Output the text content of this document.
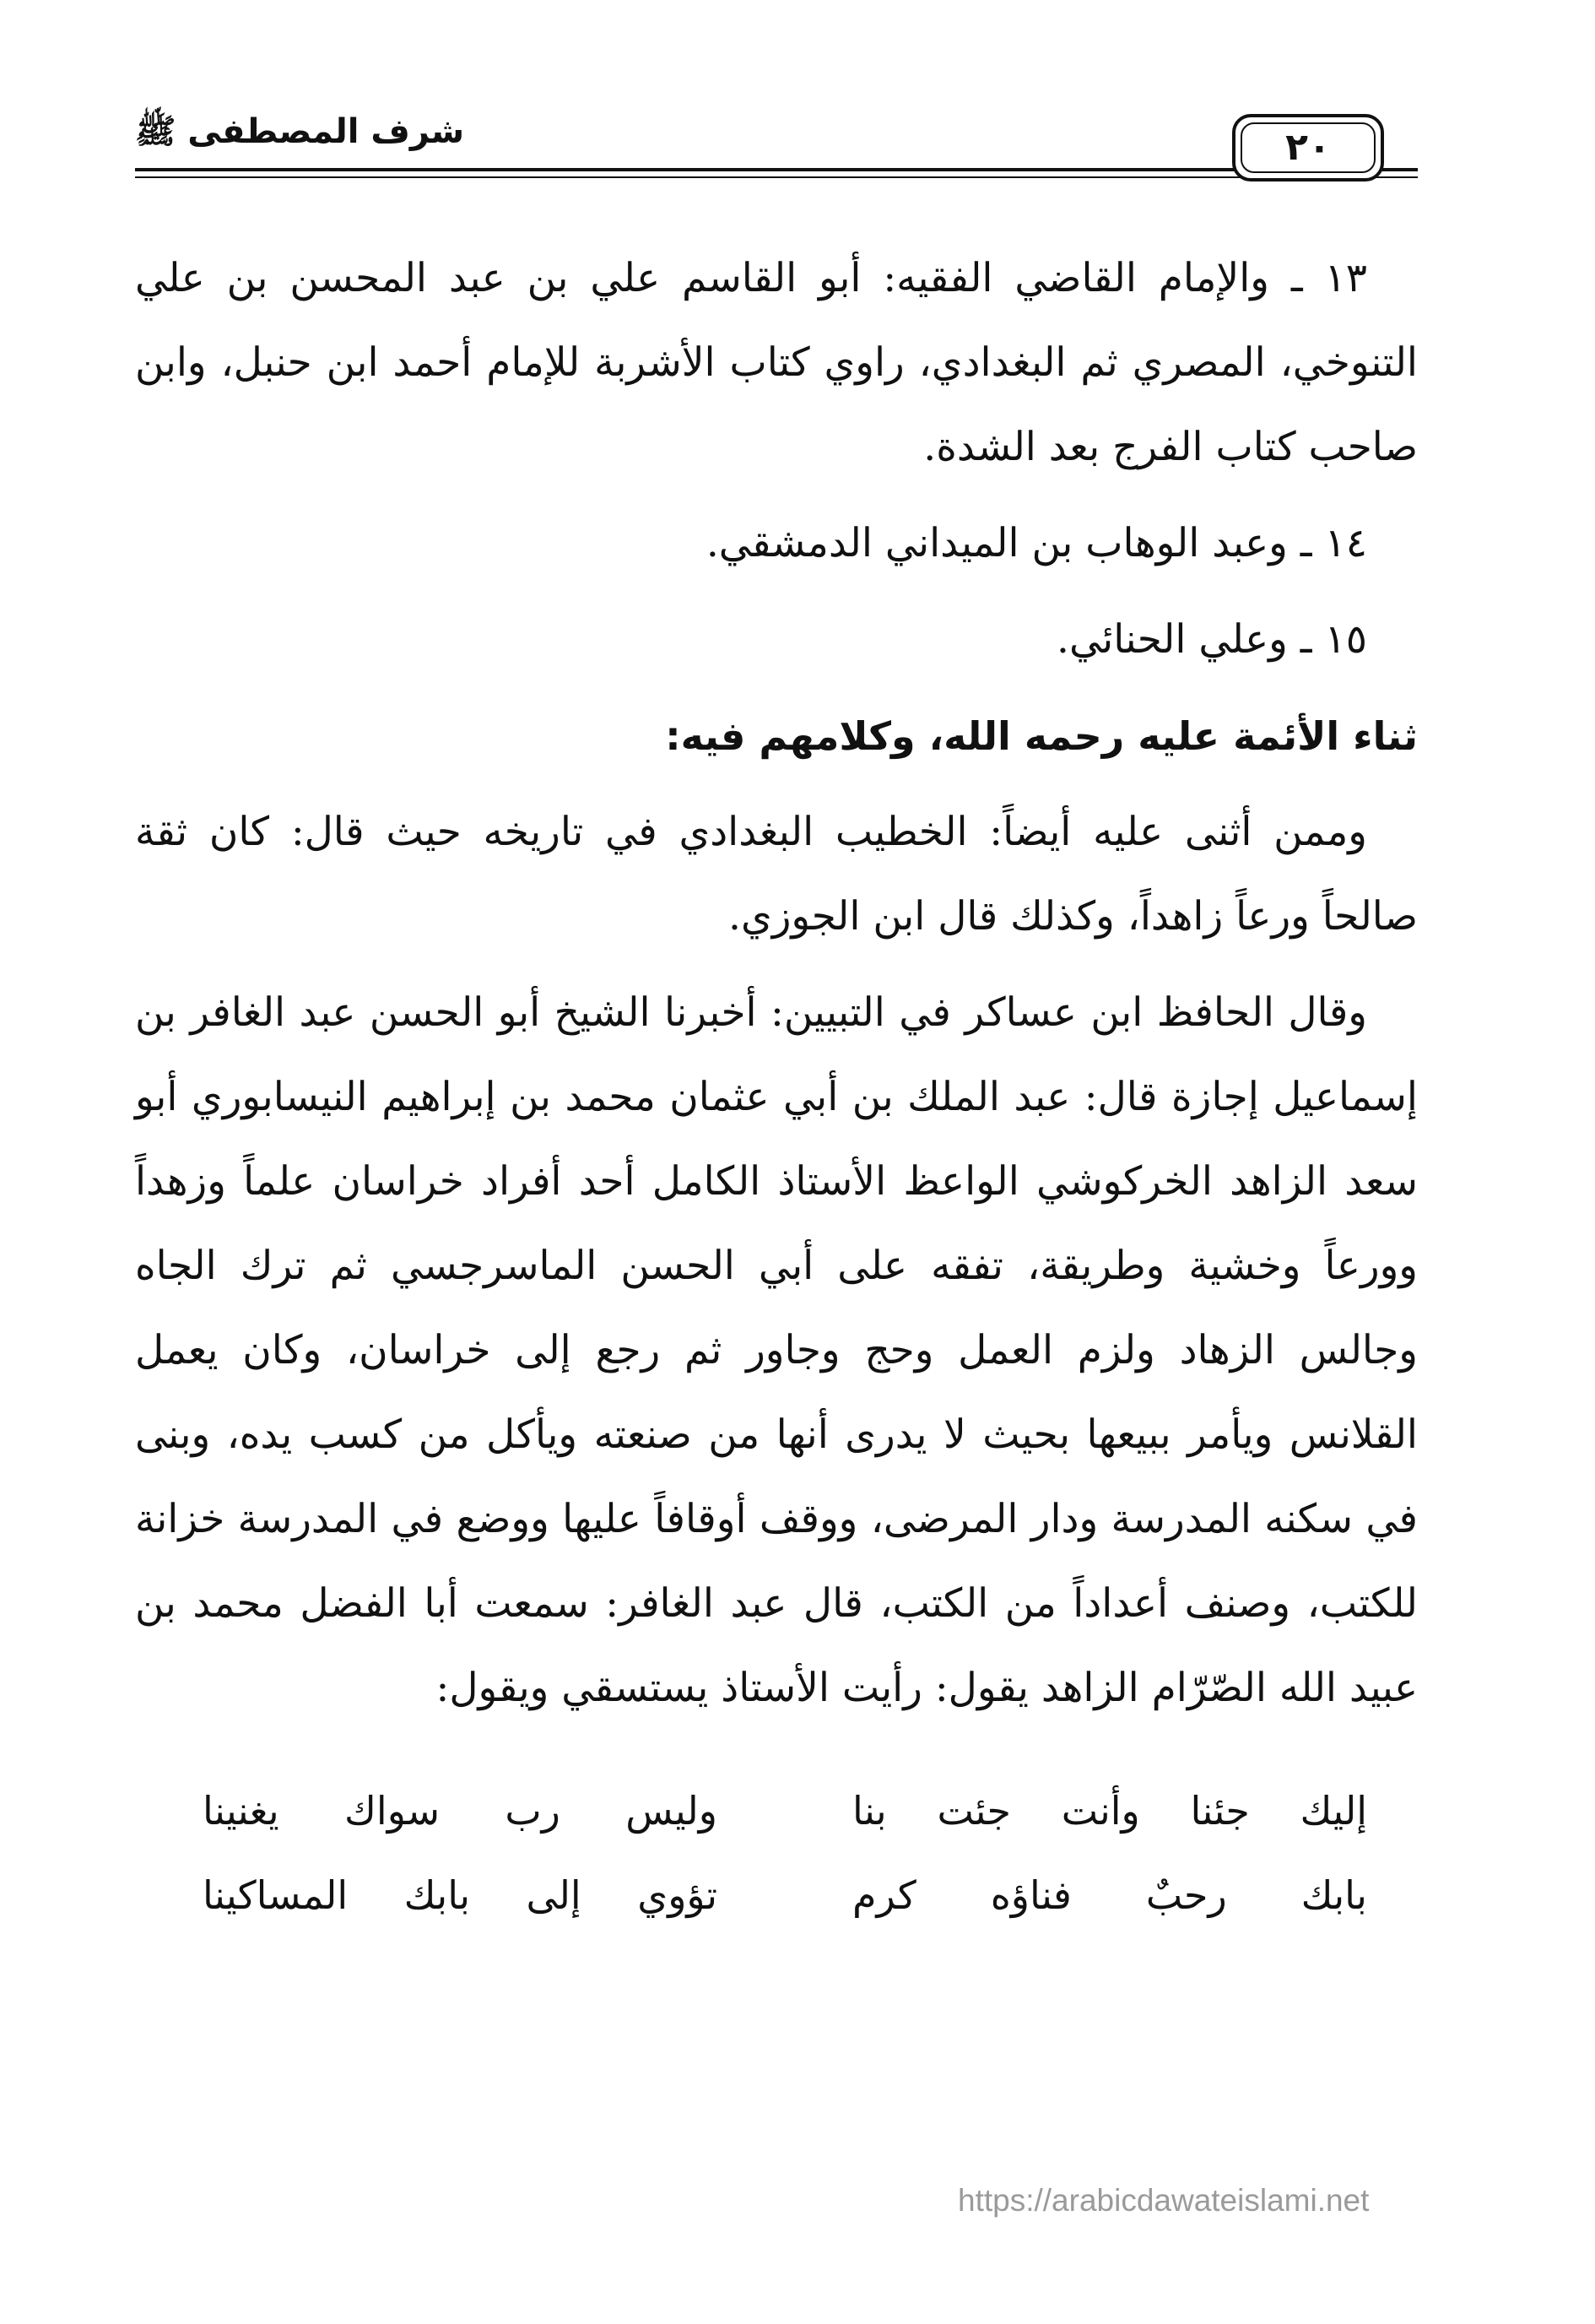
شرف المصطفى ﷺ	٢٠

١٣ ـ والإمام القاضي الفقيه: أبو القاسم علي بن عبد المحسن بن علي التنوخي، المصري ثم البغدادي، راوي كتاب الأشربة للإمام أحمد ابن حنبل، وابن صاحب كتاب الفرج بعد الشدة.

١٤ ـ وعبد الوهاب بن الميداني الدمشقي.

١٥ ـ وعلي الحنائي.

ثناء الأئمة عليه رحمه الله، وكلامهم فيه:

وممن أثنى عليه أيضاً: الخطيب البغدادي في تاريخه حيث قال: كان ثقة صالحاً ورعاً زاهداً، وكذلك قال ابن الجوزي.

وقال الحافظ ابن عساكر في التبيين: أخبرنا الشيخ أبو الحسن عبد الغافر بن إسماعيل إجازة قال: عبد الملك بن أبي عثمان محمد بن إبراهيم النيسابوري أبو سعد الزاهد الخركوشي الواعظ الأستاذ الكامل أحد أفراد خراسان علماً وزهداً وورعاً وخشية وطريقة، تفقه على أبي الحسن الماسرجسي ثم ترك الجاه وجالس الزهاد ولزم العمل وحج وجاور ثم رجع إلى خراسان، وكان يعمل القلانس ويأمر ببيعها بحيث لا يدرى أنها من صنعته ويأكل من كسب يده، وبنى في سكنه المدرسة ودار المرضى، ووقف أوقافاً عليها ووضع في المدرسة خزانة للكتب، وصنف أعداداً من الكتب، قال عبد الغافر: سمعت أبا الفضل محمد بن عبيد الله الصّرّام الزاهد يقول: رأيت الأستاذ يستسقي ويقول:

إليك جئنا وأنت جئت بنا
وليس رب سواك يغنينا
بابك رحبٌ فناؤه كرم
تؤوي إلى بابك المساكينا
https://arabicdawateislami.net
